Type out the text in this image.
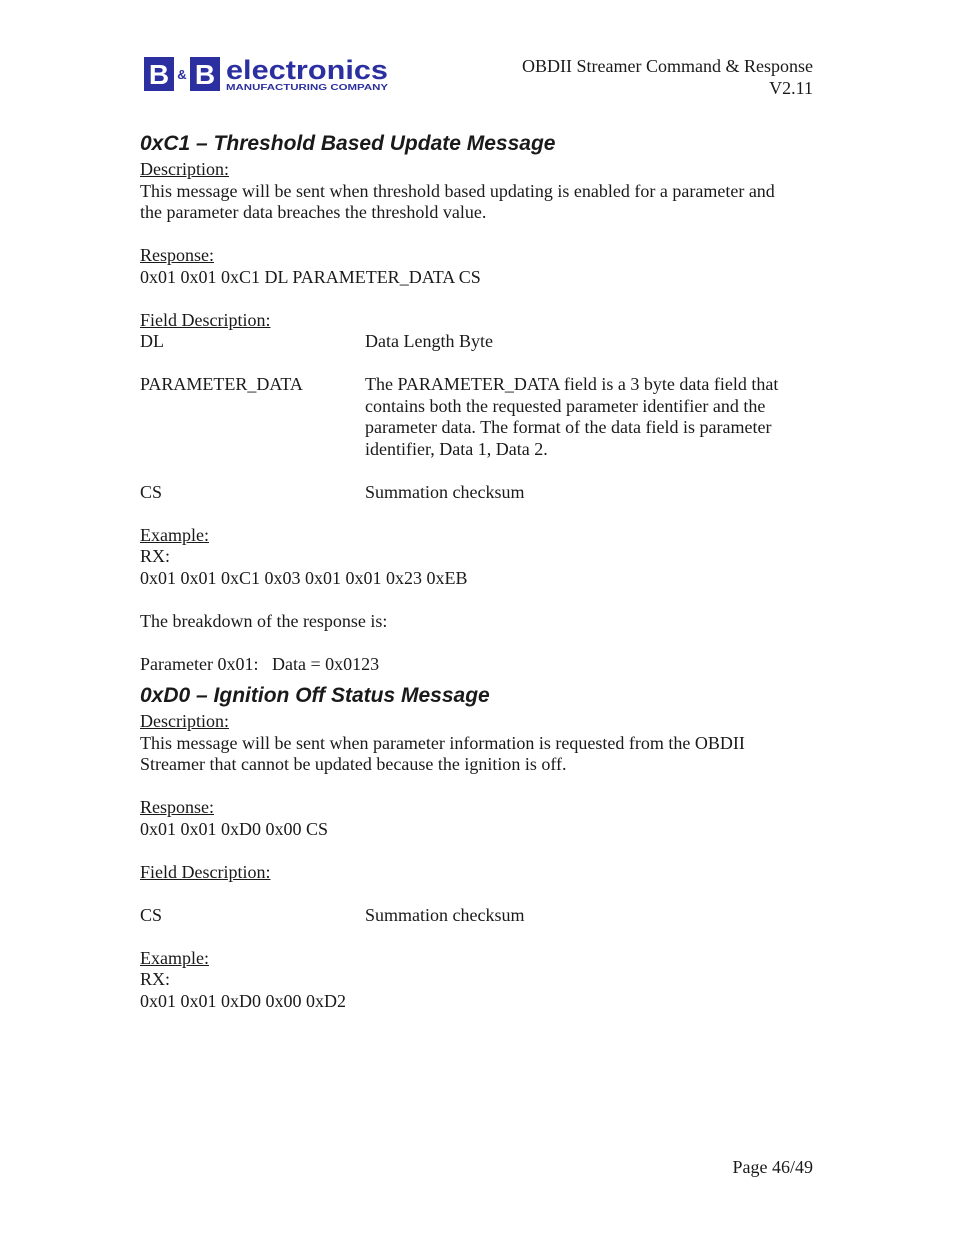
B & B electronics
MANUFACTURING COMPANY
OBDII Streamer Command & Response
V2.11
0xC1 – Threshold Based Update Message

Description:

This message will be sent when threshold based updating is enabled for a parameter and

the parameter data breaches the threshold value.

Response:

0x01 0x01 0xC1 DL PARAMETER_DATA CS

Field Description:

DL	Data Length Byte
PARAMETER_DATA	The PARAMETER_DATA field is a 3 byte data field that
contains both the requested parameter identifier and the
parameter data. The format of the data field is parameter
identifier, Data 1, Data 2.
CS	Summation checksum

Example:

RX:

0x01 0x01 0xC1 0x03 0x01 0x01 0x23 0xEB

The breakdown of the response is:

Parameter 0x01:   Data = 0x0123

0xD0 – Ignition Off Status Message

Description:

This message will be sent when parameter information is requested from the OBDII

Streamer that cannot be updated because the ignition is off.

Response:

0x01 0x01 0xD0 0x00 CS

Field Description:

CS	Summation checksum

Example:

RX:

0x01 0x01 0xD0 0x00 0xD2

Page 46/49
